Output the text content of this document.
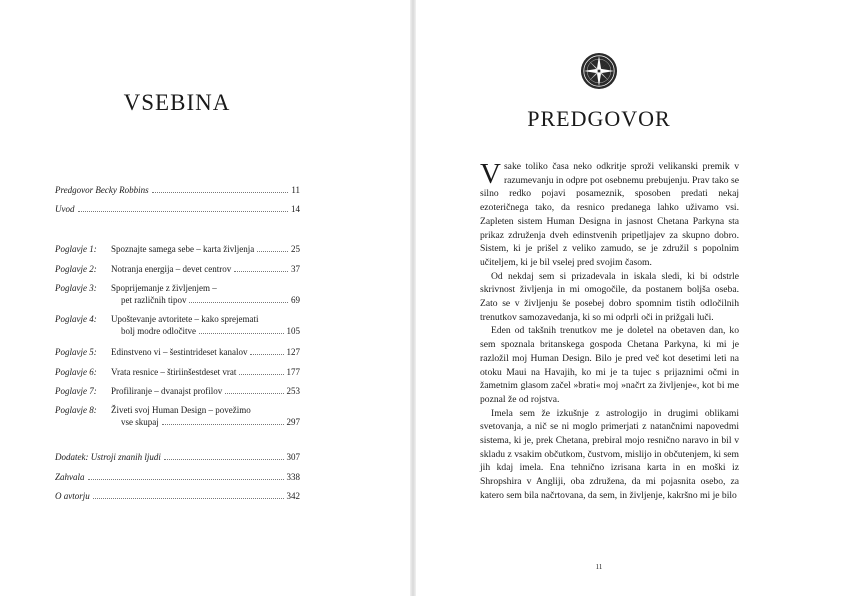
VSEBINA
Predgovor Becky Robbins	11
Uvod	14
Poglavje 1: Spoznajte samega sebe – karta življenja	25
Poglavje 2: Notranja energija – devet centrov	37
Poglavje 3: Spoprijemanje z življenjem –
pet različnih tipov	69
Poglavje 4: Upoštevanje avtoritete – kako sprejemati
bolj modre odločitve	105
Poglavje 5: Edinstveno vi – šestintrideset kanalov	127
Poglavje 6: Vrata resnice – štiriinšestdeset vrat	177
Poglavje 7: Profiliranje – dvanajst profilov	253
Poglavje 8: Živeti svoj Human Design – povežimo
vse skupaj	297
Dodatek: Ustroji znanih ljudi	307
Zahvala	338
O avtorju	342
PREDGOVOR

Vsake toliko časa neko odkritje sproži velikanski premik v razumevanju in odpre pot osebnemu prebujenju. Prav tako se silno redko pojavi posameznik, sposoben predati nekaj ezoteričnega tako, da resnico predanega lahko uživamo vsi. Zapleten sistem Human Designa in jasnost Chetana Parkyna sta prikaz združenja dveh edinstvenih pripetljajev za skupno dobro. Sistem, ki je prišel z veliko zamudo, se je združil s popolnim učiteljem, ki je bil vselej pred svojim časom.

Od nekdaj sem si prizadevala in iskala sledi, ki bi odstrle skrivnost življenja in mi omogočile, da postanem boljša oseba. Zato se v življenju še posebej dobro spomnim tistih odločilnih trenutkov samozavedanja, ki so mi odprli oči in prižgali luči.

Eden od takšnih trenutkov me je doletel na obetaven dan, ko sem spoznala britanskega gospoda Chetana Parkyna, ki mi je razložil moj Human Design. Bilo je pred več kot desetimi leti na otoku Maui na Havajih, ko mi je ta tujec s prijaznimi očmi in žametnim glasom začel »brati« moj »načrt za življenje«, kot bi me poznal že od rojstva.

Imela sem že izkušnje z astrologijo in drugimi oblikami svetovanja, a nič se ni moglo primerjati z natančnimi napovedmi sistema, ki je, prek Chetana, prebiral mojo resnično naravo in bil v skladu z vsakim občutkom, čustvom, mislijo in občutenjem, ki sem jih kdaj imela. Ena tehnično izrisana karta in en moški iz Shropshira v Angliji, oba združena, da mi pojasnita osebo, za katero sem bila načrtovana, da sem, in življenje, kakršno mi je bilo

11
